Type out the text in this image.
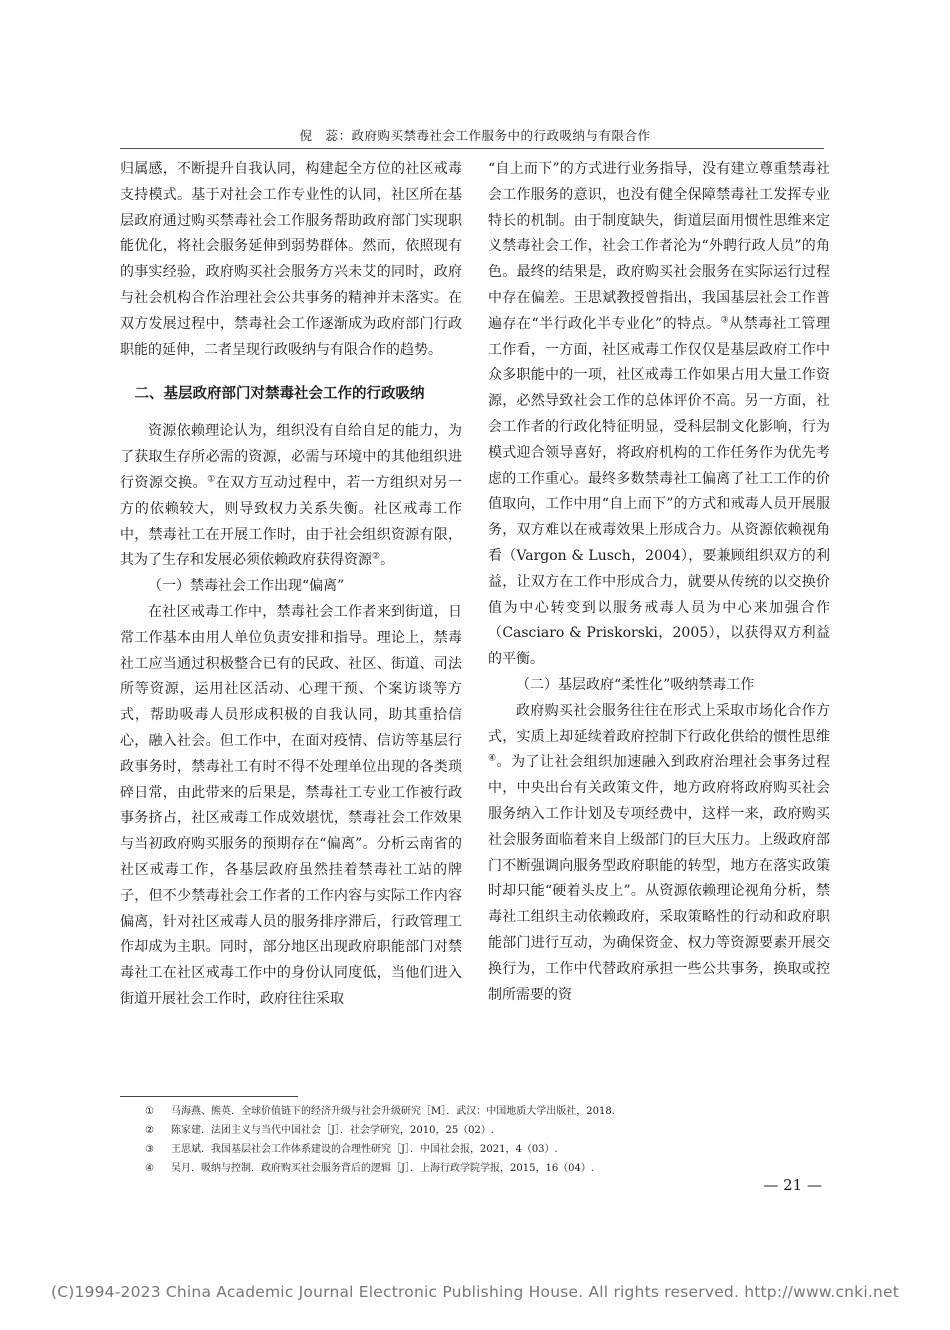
倪　蕊：政府购买禁毒社会工作服务中的行政吸纳与有限合作

归属感，不断提升自我认同，构建起全方位的社区戒毒支持模式。基于对社会工作专业性的认同，社区所在基层政府通过购买禁毒社会工作服务帮助政府部门实现职能优化，将社会服务延伸到弱势群体。然而，依照现有的事实经验，政府购买社会服务方兴未艾的同时，政府与社会机构合作治理社会公共事务的精神并未落实。在双方发展过程中，禁毒社会工作逐渐成为政府部门行政职能的延伸，二者呈现行政吸纳与有限合作的趋势。

二、基层政府部门对禁毒社会工作的行政吸纳

资源依赖理论认为，组织没有自给自足的能力，为了获取生存所必需的资源，必需与环境中的其他组织进行资源交换。①在双方互动过程中，若一方组织对另一方的依赖较大，则导致权力关系失衡。社区戒毒工作中，禁毒社工在开展工作时，由于社会组织资源有限，其为了生存和发展必须依赖政府获得资源②。

（一）禁毒社会工作出现“偏离”

在社区戒毒工作中，禁毒社会工作者来到街道，日常工作基本由用人单位负责安排和指导。理论上，禁毒社工应当通过积极整合已有的民政、社区、街道、司法所等资源，运用社区活动、心理干预、个案访谈等方式，帮助吸毒人员形成积极的自我认同，助其重拾信心，融入社会。但工作中，在面对疫情、信访等基层行政事务时，禁毒社工有时不得不处理单位出现的各类琐碎日常，由此带来的后果是，禁毒社工专业工作被行政事务挤占，社区戒毒工作成效堪忧，禁毒社会工作效果与当初政府购买服务的预期存在“偏离”。分析云南省的社区戒毒工作，各基层政府虽然挂着禁毒社工站的牌子，但不少禁毒社会工作者的工作内容与实际工作内容偏离，针对社区戒毒人员的服务排序滞后，行政管理工作却成为主职。同时，部分地区出现政府职能部门对禁毒社工在社区戒毒工作中的身份认同度低，当他们进入街道开展社会工作时，政府往往采取

“自上而下”的方式进行业务指导，没有建立尊重禁毒社会工作服务的意识，也没有健全保障禁毒社工发挥专业特长的机制。由于制度缺失，街道层面用惯性思维来定义禁毒社会工作，社会工作者沦为“外聘行政人员”的角色。最终的结果是，政府购买社会服务在实际运行过程中存在偏差。王思斌教授曾指出，我国基层社会工作普遍存在“半行政化半专业化”的特点。③从禁毒社工管理工作看，一方面，社区戒毒工作仅仅是基层政府工作中众多职能中的一项，社区戒毒工作如果占用大量工作资源，必然导致社会工作的总体评价不高。另一方面，社会工作者的行政化特征明显，受科层制文化影响，行为模式迎合领导喜好，将政府机构的工作任务作为优先考虑的工作重心。最终多数禁毒社工偏离了社工工作的价值取向，工作中用“自上而下”的方式和戒毒人员开展服务，双方难以在戒毒效果上形成合力。从资源依赖视角看（Vargon & Lusch，2004），要兼顾组织双方的利益，让双方在工作中形成合力，就要从传统的以交换价值为中心转变到以服务戒毒人员为中心来加强合作（Casciaro & Priskorski，2005），以获得双方利益的平衡。

（二）基层政府“柔性化”吸纳禁毒工作

政府购买社会服务往往在形式上采取市场化合作方式，实质上却延续着政府控制下行政化供给的惯性思维④。为了让社会组织加速融入到政府治理社会事务过程中，中央出台有关政策文件，地方政府将政府购买社会服务纳入工作计划及专项经费中，这样一来，政府购买社会服务面临着来自上级部门的巨大压力。上级政府部门不断强调向服务型政府职能的转型，地方在落实政策时却只能“硬着头皮上”。从资源依赖理论视角分析，禁毒社工组织主动依赖政府，采取策略性的行动和政府职能部门进行互动，为确保资金、权力等资源要素开展交换行为，工作中代替政府承担一些公共事务，换取或控制所需要的资

①	马海燕、熊英．全球价值链下的经济升级与社会升级研究［M］．武汉：中国地质大学出版社，2018.
②	陈家建．法团主义与当代中国社会［J］．社会学研究，2010，25（02）.
③	王思斌．我国基层社会工作体系建设的合理性研究［J］．中国社会报，2021，4（03）.
④	吴月．吸纳与控制．政府购买社会服务背后的逻辑［J］．上海行政学院学报，2015，16（04）.
— 21 —
(C)1994-2023 China Academic Journal Electronic Publishing House. All rights reserved. http://www.cnki.net
